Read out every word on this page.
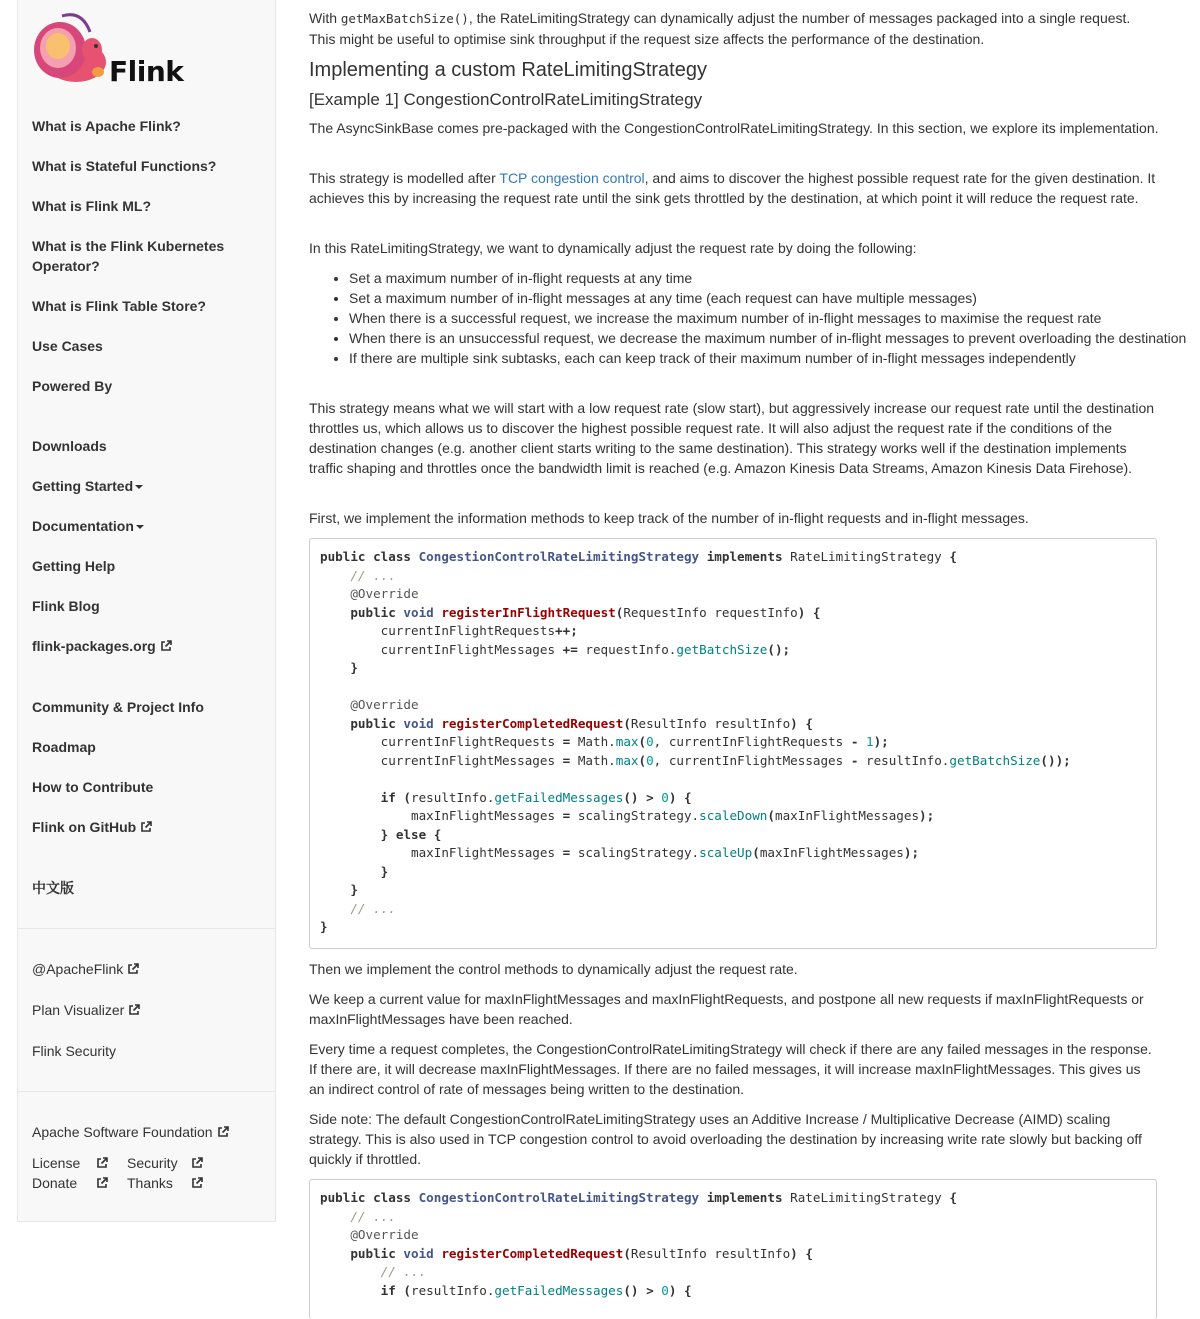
Flink
What is Apache Flink?
What is Stateful Functions?
What is Flink ML?
What is the Flink Kubernetes Operator?
What is Flink Table Store?
Use Cases
Powered By
Downloads
Getting Started
Documentation
Getting Help
Flink Blog
flink-packages.org
Community & Project Info
Roadmap
How to Contribute
Flink on GitHub
中文版
@ApacheFlink
Plan Visualizer
Flink Security
Apache Software Foundation
License	Security
Donate	Thanks

With getMaxBatchSize(), the RateLimitingStrategy can dynamically adjust the number of messages packaged into a single request. This might be useful to optimise sink throughput if the request size affects the performance of the destination.

Implementing a custom RateLimitingStrategy
[Example 1] CongestionControlRateLimitingStrategy

The AsyncSinkBase comes pre-packaged with the CongestionControlRateLimitingStrategy. In this section, we explore its implementation.

This strategy is modelled after TCP congestion control, and aims to discover the highest possible request rate for the given destination. It achieves this by increasing the request rate until the sink gets throttled by the destination, at which point it will reduce the request rate.

In this RateLimitingStrategy, we want to dynamically adjust the request rate by doing the following:

• Set a maximum number of in-flight requests at any time
• Set a maximum number of in-flight messages at any time (each request can have multiple messages)
• When there is a successful request, we increase the maximum number of in-flight messages to maximise the request rate
• When there is an unsuccessful request, we decrease the maximum number of in-flight messages to prevent overloading the destination
• If there are multiple sink subtasks, each can keep track of their maximum number of in-flight messages independently

This strategy means what we will start with a low request rate (slow start), but aggressively increase our request rate until the destination throttles us, which allows us to discover the highest possible request rate. It will also adjust the request rate if the conditions of the destination changes (e.g. another client starts writing to the same destination). This strategy works well if the destination implements traffic shaping and throttles once the bandwidth limit is reached (e.g. Amazon Kinesis Data Streams, Amazon Kinesis Data Firehose).

First, we implement the information methods to keep track of the number of in-flight requests and in-flight messages.

public class CongestionControlRateLimitingStrategy implements RateLimitingStrategy {
// ...
@Override
public void registerInFlightRequest(RequestInfo requestInfo) {
currentInFlightRequests++;
currentInFlightMessages += requestInfo.getBatchSize();
}
@Override
public void registerCompletedRequest(ResultInfo resultInfo) {
currentInFlightRequests = Math.max(0, currentInFlightRequests - 1);
currentInFlightMessages = Math.max(0, currentInFlightMessages - resultInfo.getBatchSize());
if (resultInfo.getFailedMessages() > 0) {
maxInFlightMessages = scalingStrategy.scaleDown(maxInFlightMessages);
} else {
maxInFlightMessages = scalingStrategy.scaleUp(maxInFlightMessages);
}
}
// ...
}

Then we implement the control methods to dynamically adjust the request rate.

We keep a current value for maxInFlightMessages and maxInFlightRequests, and postpone all new requests if maxInFlightRequests or maxInFlightMessages have been reached.

Every time a request completes, the CongestionControlRateLimitingStrategy will check if there are any failed messages in the response. If there are, it will decrease maxInFlightMessages. If there are no failed messages, it will increase maxInFlightMessages. This gives us an indirect control of rate of messages being written to the destination.

Side note: The default CongestionControlRateLimitingStrategy uses an Additive Increase / Multiplicative Decrease (AIMD) scaling strategy. This is also used in TCP congestion control to avoid overloading the destination by increasing write rate slowly but backing off quickly if throttled.

public class CongestionControlRateLimitingStrategy implements RateLimitingStrategy {
// ...
@Override
public void registerCompletedRequest(ResultInfo resultInfo) {
// ...
if (resultInfo.getFailedMessages() > 0) {
